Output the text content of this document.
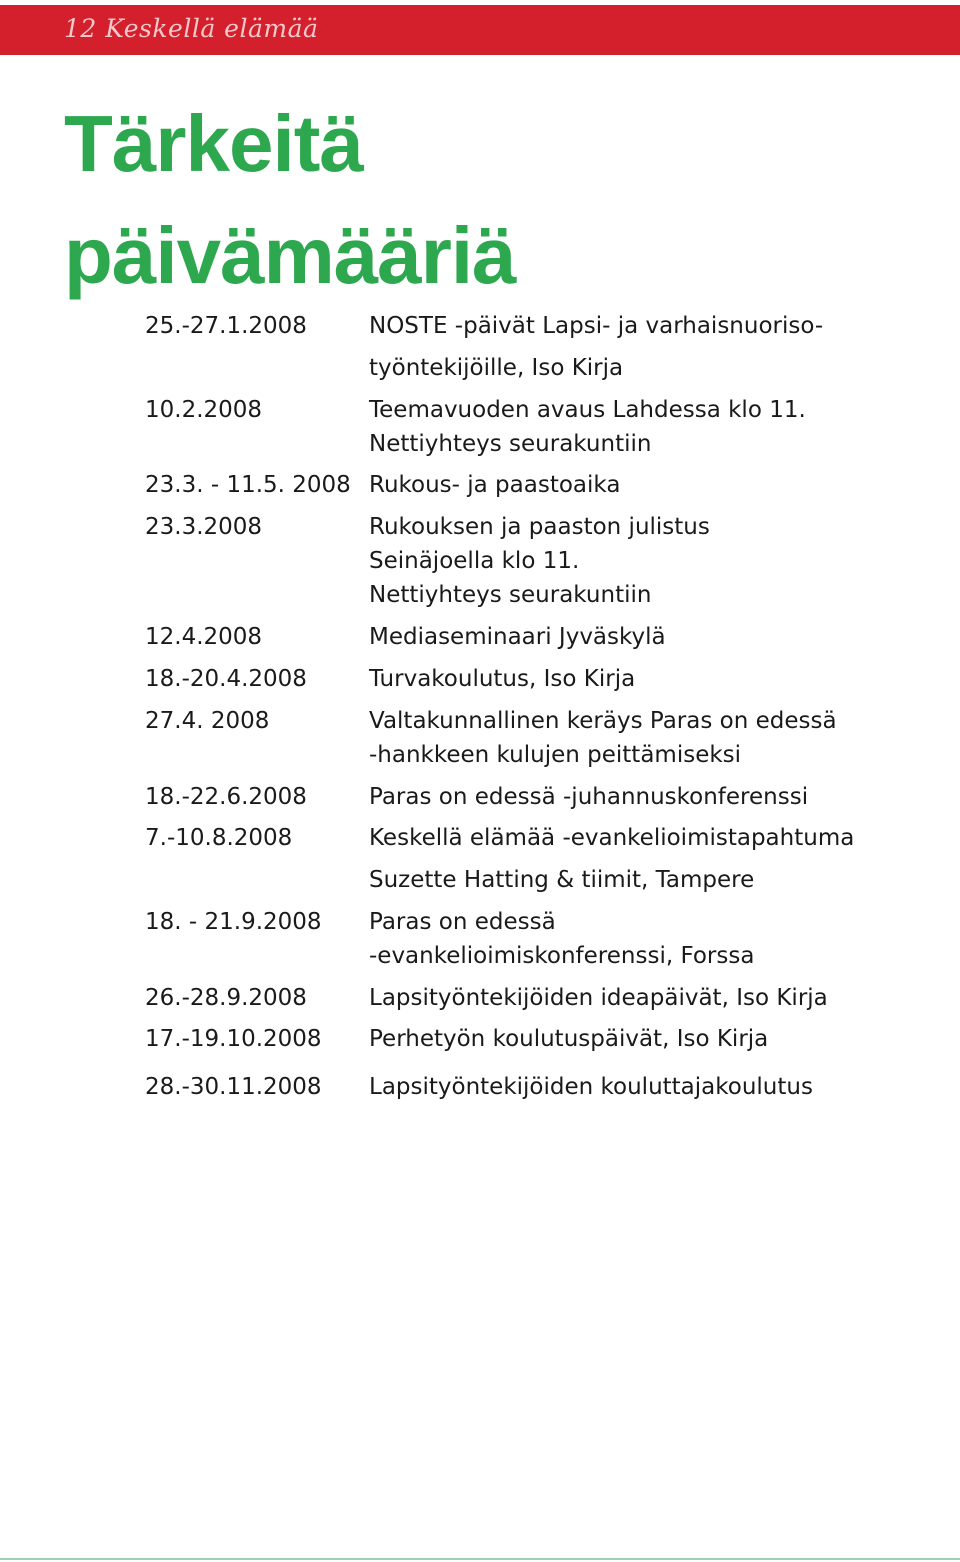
12 Keskellä elämää
Tärkeitä
päivämääriä
25.-27.1.2008	NOSTE -päivät Lapsi- ja varhaisnuoriso-
työntekijöille, Iso Kirja
10.2.2008	Teemavuoden avaus Lahdessa klo 11.
Nettiyhteys seurakuntiin
23.3. - 11.5. 2008 Rukous- ja paastoaika
23.3.2008	Rukouksen ja paaston julistus
Seinäjoella klo 11.
Nettiyhteys seurakuntiin
12.4.2008	Mediaseminaari Jyväskylä
18.-20.4.2008	Turvakoulutus, Iso Kirja
27.4. 2008	Valtakunnallinen keräys Paras on edessä
-hankkeen kulujen peittämiseksi
18.-22.6.2008	Paras on edessä -juhannuskonferenssi
7.-10.8.2008	Keskellä elämää -evankelioimistapahtuma
Suzette Hatting & tiimit, Tampere
18. - 21.9.2008 Paras on edessä
-evankelioimiskonferenssi, Forssa
26.-28.9.2008	Lapsityöntekijöiden ideapäivät, Iso Kirja
17.-19.10.2008 Perhetyön koulutuspäivät, Iso Kirja
28.-30.11.2008 Lapsityöntekijöiden kouluttajakoulutus
